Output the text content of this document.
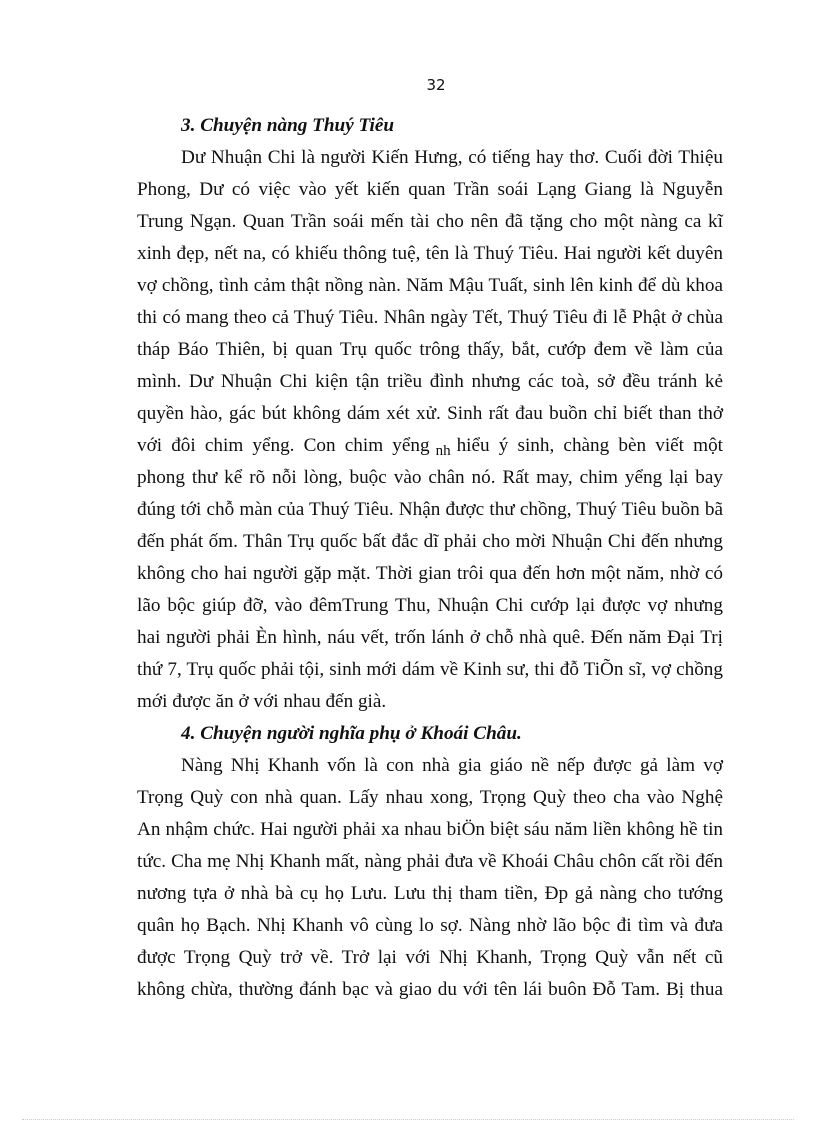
32

3. Chuyện nàng Thuý Tiêu

Dư Nhuận Chi là người Kiến Hưng, có tiếng hay thơ. Cuối đời Thiệu
Phong, Dư có việc vào yết kiến quan Trần soái Lạng Giang là Nguyễn
Trung Ngạn. Quan Trần soái mến tài cho nên đã tặng cho một nàng ca kĩ
xinh đẹp, nết na, có khiếu thông tuệ, tên là Thuý Tiêu. Hai người kết duyên
vợ chồng, tình cảm thật nồng nàn. Năm Mậu Tuất, sinh lên kinh để dù khoa
thi có mang theo cả Thuý Tiêu. Nhân ngày Tết, Thuý Tiêu đi lễ Phật ở chùa
tháp Báo Thiên, bị quan Trụ quốc trông thấy, bắt, cướp đem về làm của
mình. Dư Nhuận Chi kiện tận triều đình nhưng các toà, sở đều tránh kẻ
quyền hào, gác bút không dám xét xử. Sinh rất đau buồn chỉ biết than thở
với đôi chim yểng. Con chim yểng $_{nh}$ hiểu ý sinh, chàng bèn viết một
phong thư kể rõ nỗi lòng, buộc vào chân nó. Rất may, chim yểng lại bay
đúng tới chỗ màn của Thuý Tiêu. Nhận được thư chồng, Thuý Tiêu buồn bã
đến phát ốm. Thân Trụ quốc bất đắc dĩ phải cho mời Nhuận Chi đến nhưng
không cho hai người gặp mặt. Thời gian trôi qua đến hơn một năm, nhờ có
lão bộc giúp đỡ, vào đêmTrung Thu, Nhuận Chi cướp lại được vợ nhưng
hai người phải Èn hình, náu vết, trốn lánh ở chỗ nhà quê. Đến năm Đại Trị
thứ 7, Trụ quốc phải tội, sinh mới dám về Kinh sư, thi đỗ TiÕn sĩ, vợ chồng
mới được ăn ở với nhau đến già.

4. Chuyện người nghĩa phụ ở Khoái Châu.

Nàng Nhị Khanh vốn là con nhà gia giáo nề nếp được gả làm vợ
Trọng Quỳ con nhà quan. Lấy nhau xong, Trọng Quỳ theo cha vào Nghệ
An nhậm chức. Hai người phải xa nhau biÖn biệt sáu năm liền không hề tin
tức. Cha mẹ Nhị Khanh mất, nàng phải đưa về Khoái Châu chôn cất rồi đến
nương tựa ở nhà bà cụ họ Lưu. Lưu thị tham tiền, Ðp gả nàng cho tướng
quân họ Bạch. Nhị Khanh vô cùng lo sợ. Nàng nhờ lão bộc đi tìm và đưa
được Trọng Quỳ trở về. Trở lại với Nhị Khanh, Trọng Quỳ vẫn nết cũ
không chừa, thường đánh bạc và giao du với tên lái buôn Đỗ Tam. Bị thua
